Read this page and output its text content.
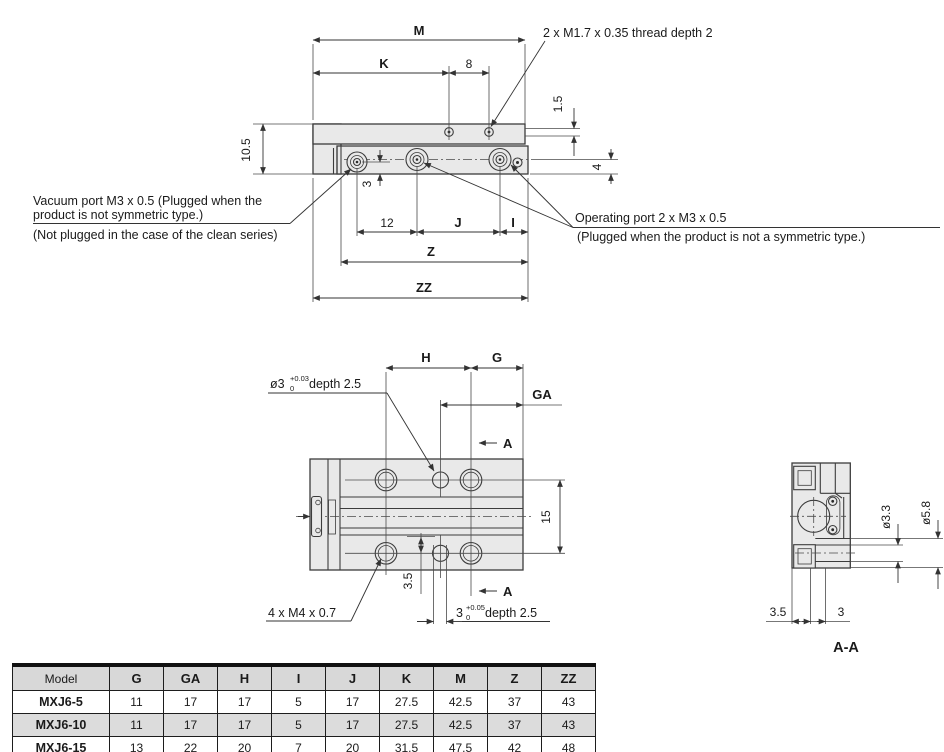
2 x M1.7 x 0.35 thread depth 2
M
K	8
1.5
10.5
3
4
12	J	I
Z
ZZ
Vacuum port M3 x 0.5 (Plugged when the
product is not symmetric type.)
(Not plugged in the case of the clean series)
Operating port 2 x M3 x 0.5
(Plugged when the product is not a symmetric type.)
H	G
GA
A
A
15
3.5
ø3 +0.03
0 depth 2.5
4 x M4 x 0.7	3 +0.05
0 depth 2.5
ø3.3 ø5.8
3.5	3
A-A
Model	G	GA	H	I	J	K	M	Z	ZZ
MXJ6-5	11	17	17	5	17	27.5	42.5	37	43
MXJ6-10	11	17	17	5	17	27.5	42.5	37	43
MXJ6-15	13	22	20	7	20	31.5	47.5	42	48
